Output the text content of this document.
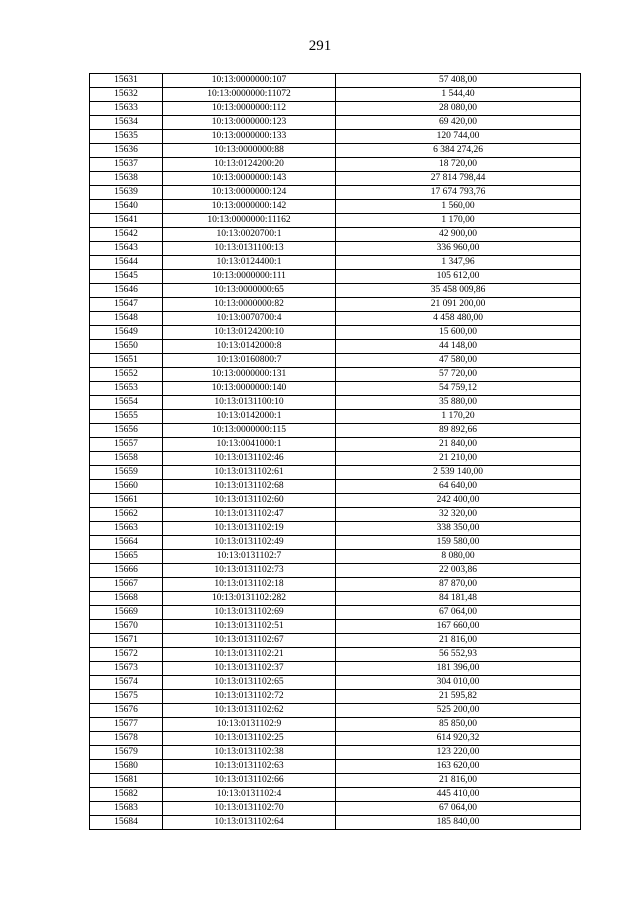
291
15631	10:13:0000000:107	57 408,00
15632	10:13:0000000:11072	1 544,40
15633	10:13:0000000:112	28 080,00
15634	10:13:0000000:123	69 420,00
15635	10:13:0000000:133	120 744,00
15636	10:13:0000000:88	6 384 274,26
15637	10:13:0124200:20	18 720,00
15638	10:13:0000000:143	27 814 798,44
15639	10:13:0000000:124	17 674 793,76
15640	10:13:0000000:142	1 560,00
15641	10:13:0000000:11162	1 170,00
15642	10:13:0020700:1	42 900,00
15643	10:13:0131100:13	336 960,00
15644	10:13:0124400:1	1 347,96
15645	10:13:0000000:111	105 612,00
15646	10:13:0000000:65	35 458 009,86
15647	10:13:0000000:82	21 091 200,00
15648	10:13:0070700:4	4 458 480,00
15649	10:13:0124200:10	15 600,00
15650	10:13:0142000:8	44 148,00
15651	10:13:0160800:7	47 580,00
15652	10:13:0000000:131	57 720,00
15653	10:13:0000000:140	54 759,12
15654	10:13:0131100:10	35 880,00
15655	10:13:0142000:1	1 170,20
15656	10:13:0000000:115	89 892,66
15657	10:13:0041000:1	21 840,00
15658	10:13:0131102:46	21 210,00
15659	10:13:0131102:61	2 539 140,00
15660	10:13:0131102:68	64 640,00
15661	10:13:0131102:60	242 400,00
15662	10:13:0131102:47	32 320,00
15663	10:13:0131102:19	338 350,00
15664	10:13:0131102:49	159 580,00
15665	10:13:0131102:7	8 080,00
15666	10:13:0131102:73	22 003,86
15667	10:13:0131102:18	87 870,00
15668	10:13:0131102:282	84 181,48
15669	10:13:0131102:69	67 064,00
15670	10:13:0131102:51	167 660,00
15671	10:13:0131102:67	21 816,00
15672	10:13:0131102:21	56 552,93
15673	10:13:0131102:37	181 396,00
15674	10:13:0131102:65	304 010,00
15675	10:13:0131102:72	21 595,82
15676	10:13:0131102:62	525 200,00
15677	10:13:0131102:9	85 850,00
15678	10:13:0131102:25	614 920,32
15679	10:13:0131102:38	123 220,00
15680	10:13:0131102:63	163 620,00
15681	10:13:0131102:66	21 816,00
15682	10:13:0131102:4	445 410,00
15683	10:13:0131102:70	67 064,00
15684	10:13:0131102:64	185 840,00
